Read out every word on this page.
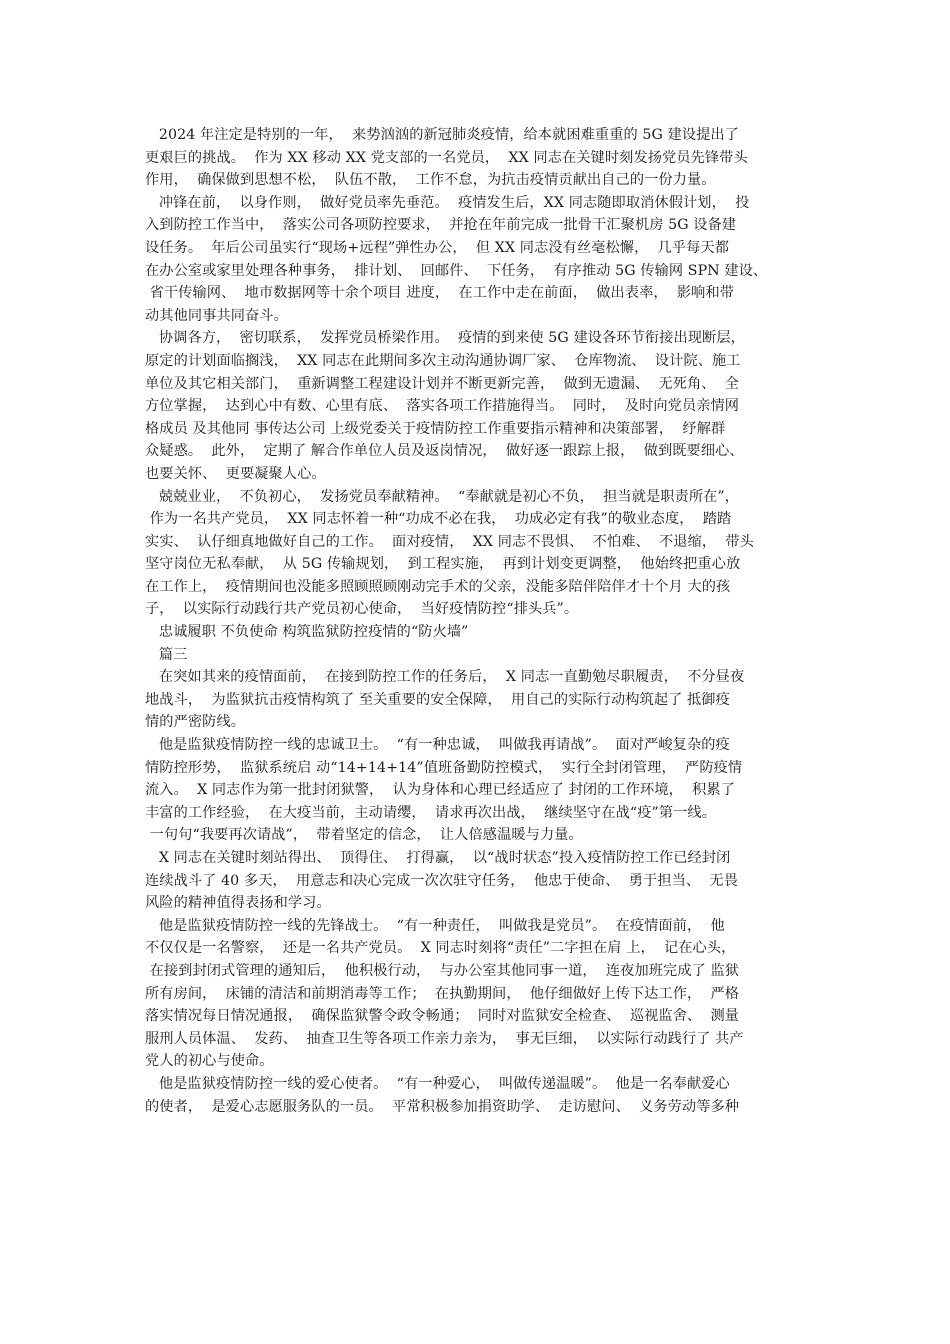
2024 年注定是特别的一年，  来势汹汹的新冠肺炎疫情，给本就困难重重的 5G 建设提出了
更艰巨的挑战。  作为 XX 移动 XX 党支部的一名党员，  XX 同志在关键时刻发扬党员先锋带头
作用，  确保做到思想不松，  队伍不散，  工作不怠，为抗击疫情贡献出自己的一份力量。
冲锋在前，  以身作则，  做好党员率先垂范。  疫情发生后，XX 同志随即取消休假计划，  投
入到防控工作当中，  落实公司各项防控要求，  并抢在年前完成一批骨干汇聚机房 5G 设备建
设任务。  年后公司虽实行“现场+远程”弹性办公，  但 XX 同志没有丝毫松懈，  几乎每天都
在办公室或家里处理各种事务，  排计划、  回邮件、  下任务，  有序推动 5G 传输网 SPN 建设、
省干传输网、  地市数据网等十余个项目 进度，  在工作中走在前面，  做出表率，  影响和带
动其他同事共同奋斗。
协调各方，  密切联系，  发挥党员桥梁作用。  疫情的到来使 5G 建设各环节衔接出现断层，
原定的计划面临搁浅，  XX 同志在此期间多次主动沟通协调厂家、  仓库物流、  设计院、施工
单位及其它相关部门，  重新调整工程建设计划并不断更新完善，  做到无遗漏、  无死角、  全
方位掌握，  达到心中有数、心里有底、  落实各项工作措施得当。  同时，  及时向党员亲情网
格成员 及其他同 事传达公司 上级党委关于疫情防控工作重要指示精神和决策部署，  纾解群
众疑惑。  此外，  定期了 解合作单位人员及返岗情况，  做好逐一跟踪上报，  做到既要细心、
也要关怀、  更要凝聚人心。
兢兢业业，  不负初心，  发扬党员奉献精神。  “奉献就是初心不负，  担当就是职责所在”，
作为一名共产党员，  XX 同志怀着一种“功成不必在我，  功成必定有我”的敬业态度，  踏踏
实实、  认仔细真地做好自己的工作。  面对疫情，  XX 同志不畏惧、  不怕难、  不退缩，  带头
坚守岗位无私奉献，  从 5G 传输规划，  到工程实施，  再到计划变更调整，  他始终把重心放
在工作上，  疫情期间也没能多照顾照顾刚动完手术的父亲，没能多陪伴陪伴才十个月 大的孩
子，  以实际行动践行共产党员初心使命，  当好疫情防控“排头兵”。
忠诚履职 不负使命 构筑监狱防控疫情的“防火墙”
篇三
在突如其来的疫情面前，  在接到防控工作的任务后，  X 同志一直勤勉尽职履责，  不分昼夜
地战斗，  为监狱抗击疫情构筑了 至关重要的安全保障，  用自己的实际行动构筑起了 抵御疫
情的严密防线。
他是监狱疫情防控一线的忠诚卫士。  “有一种忠诚，  叫做我再请战”。  面对严峻复杂的疫
情防控形势，  监狱系统启 动“14+14+14”值班备勤防控模式，  实行全封闭管理，  严防疫情
流入。  X 同志作为第一批封闭狱警，  认为身体和心理已经适应了 封闭的工作环境，  积累了
丰富的工作经验，  在大疫当前，主动请缨，  请求再次出战，  继续坚守在战“疫”第一线。
一句句“我要再次请战”，  带着坚定的信念，  让人倍感温暖与力量。
X 同志在关键时刻站得出、  顶得住、  打得赢，  以“战时状态”投入疫情防控工作已经封闭
连续战斗了 40 多天，  用意志和决心完成一次次驻守任务，  他忠于使命、  勇于担当、  无畏
风险的精神值得表扬和学习。
他是监狱疫情防控一线的先锋战士。  “有一种责任，  叫做我是党员”。  在疫情面前，  他
不仅仅是一名警察，  还是一名共产党员。  X 同志时刻将“责任”二字担在肩 上，  记在心头，
在接到封闭式管理的通知后，  他积极行动，  与办公室其他同事一道，  连夜加班完成了 监狱
所有房间，  床铺的清洁和前期消毒等工作；  在执勤期间，  他仔细做好上传下达工作，  严格
落实情况每日情况通报，  确保监狱警令政令畅通；  同时对监狱安全检查、  巡视监舍、  测量
服刑人员体温、  发药、  抽查卫生等各项工作亲力亲为，  事无巨细，  以实际行动践行了 共产
党人的初心与使命。
他是监狱疫情防控一线的爱心使者。  “有一种爱心，  叫做传递温暖”。  他是一名奉献爱心
的使者，  是爱心志愿服务队的一员。  平常积极参加捐资助学、  走访慰问、  义务劳动等多种
